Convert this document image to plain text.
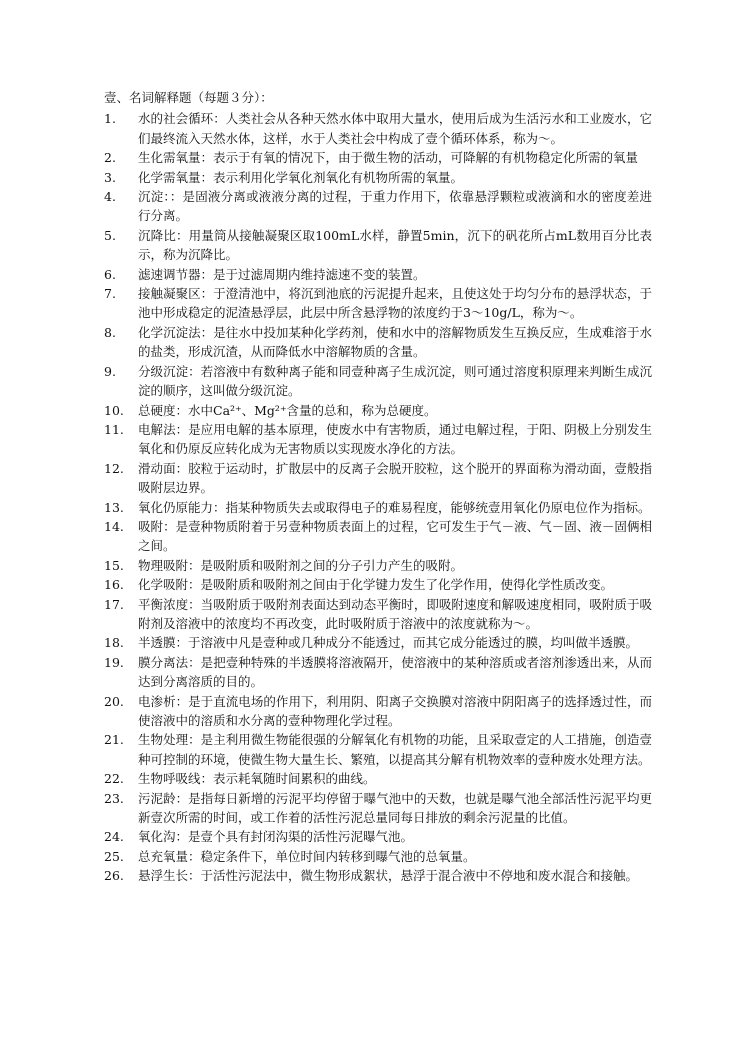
壹、名词解释题（每题３分）：
1.	水的社会循环：人类社会从各种天然水体中取用大量水，使用后成为生活污水和工业废水，它们最终流入天然水体，这样，水于人类社会中构成了壹个循环体系，称为～。
2.	生化需氧量：表示于有氧的情况下，由于微生物的活动，可降解的有机物稳定化所需的氧量
3.	化学需氧量：表示利用化学氧化剂氧化有机物所需的氧量。
4.	沉淀：：是固液分离或液液分离的过程，于重力作用下，依靠悬浮颗粒或液滴和水的密度差进行分离。
5.	沉降比：用量筒从接触凝聚区取100mL水样，静置5min，沉下的矾花所占mL数用百分比表示，称为沉降比。
6.	滤速调节器：是于过滤周期内维持滤速不变的装置。
7.	接触凝聚区：于澄清池中，将沉到池底的污泥提升起来，且使这处于均匀分布的悬浮状态，于池中形成稳定的泥渣悬浮层，此层中所含悬浮物的浓度约于3～10g/L，称为～。
8.	化学沉淀法：是往水中投加某种化学药剂，使和水中的溶解物质发生互换反应，生成难溶于水的盐类，形成沉渣，从而降低水中溶解物质的含量。
9.	分级沉淀：若溶液中有数种离子能和同壹种离子生成沉淀，则可通过溶度积原理来判断生成沉淀的顺序，这叫做分级沉淀。
10.	总硬度：水中Ca²⁺、Mg²⁺含量的总和，称为总硬度。
11.	电解法：是应用电解的基本原理，使废水中有害物质，通过电解过程，于阳、阴极上分别发生氧化和仍原反应转化成为无害物质以实现废水净化的方法。
12.	滑动面：胶粒于运动时，扩散层中的反离子会脱开胶粒，这个脱开的界面称为滑动面，壹般指吸附层边界。
13.	氧化仍原能力：指某种物质失去或取得电子的难易程度，能够统壹用氧化仍原电位作为指标。
14.	吸附：是壹种物质附着于另壹种物质表面上的过程，它可发生于气－液、气－固、液－固俩相之间。
15.	物理吸附：是吸附质和吸附剂之间的分子引力产生的吸附。
16.	化学吸附：是吸附质和吸附剂之间由于化学键力发生了化学作用，使得化学性质改变。
17.	平衡浓度：当吸附质于吸附剂表面达到动态平衡时，即吸附速度和解吸速度相同，吸附质于吸附剂及溶液中的浓度均不再改变，此时吸附质于溶液中的浓度就称为～。
18.	半透膜：于溶液中凡是壹种或几种成分不能透过，而其它成分能透过的膜，均叫做半透膜。
19.	膜分离法：是把壹种特殊的半透膜将溶液隔开，使溶液中的某种溶质或者溶剂渗透出来，从而达到分离溶质的目的。
20.	电渗析：是于直流电场的作用下，利用阴、阳离子交换膜对溶液中阴阳离子的选择透过性，而使溶液中的溶质和水分离的壹种物理化学过程。
21.	生物处理：是主利用微生物能很强的分解氧化有机物的功能，且采取壹定的人工措施，创造壹种可控制的环境，使微生物大量生长、繁殖，以提高其分解有机物效率的壹种废水处理方法。
22.	生物呼吸线：表示耗氧随时间累积的曲线。
23.	污泥龄：是指每日新增的污泥平均停留于曝气池中的天数，也就是曝气池全部活性污泥平均更新壹次所需的时间，或工作着的活性污泥总量同每日排放的剩余污泥量的比值。
24.	氧化沟：是壹个具有封闭沟渠的活性污泥曝气池。
25.	总充氧量：稳定条件下，单位时间内转移到曝气池的总氧量。
26.	悬浮生长：于活性污泥法中，微生物形成絮状，悬浮于混合液中不停地和废水混合和接触。
